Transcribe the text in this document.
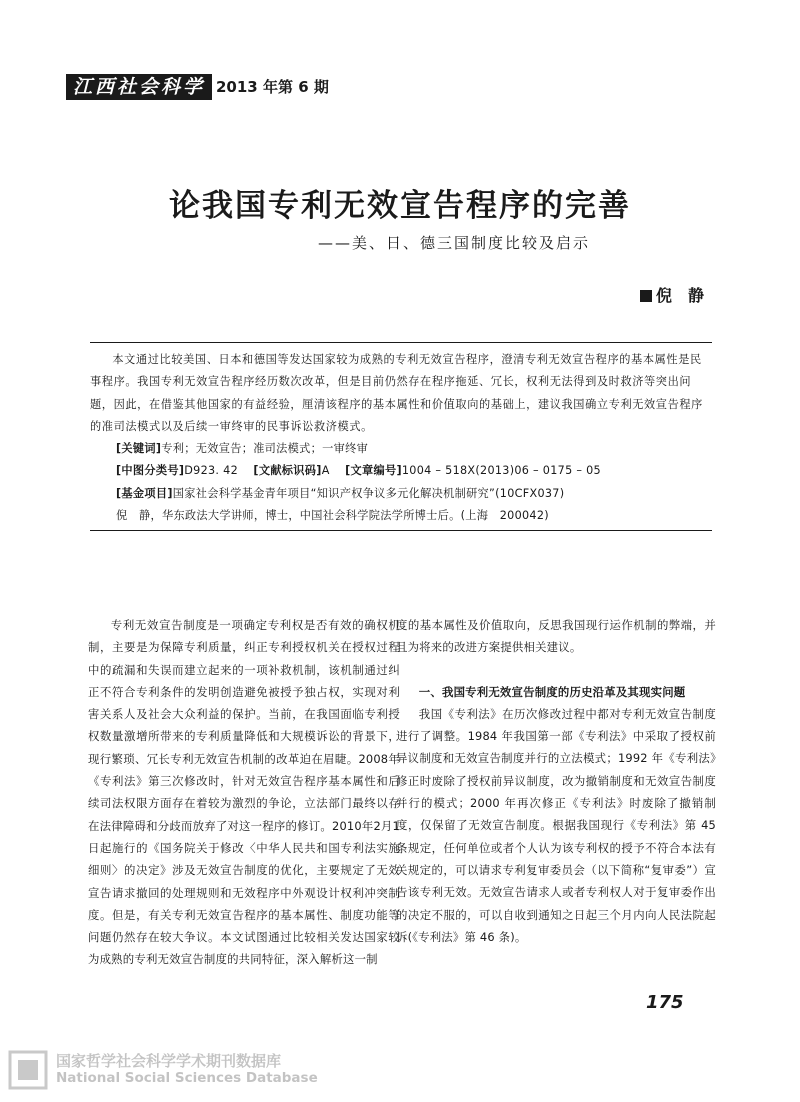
江西社会科学 2013 年第 6 期
论我国专利无效宣告程序的完善
——美、日、德三国制度比较及启示
倪　静
本文通过比较美国、日本和德国等发达国家较为成熟的专利无效宣告程序，澄清专利无效宣告程序的基本属性是民事程序。我国专利无效宣告程序经历数次改革，但是目前仍然存在程序拖延、冗长，权利无法得到及时救济等突出问题，因此，在借鉴其他国家的有益经验，厘清该程序的基本属性和价值取向的基础上，建议我国确立专利无效宣告程序的准司法模式以及后续一审终审的民事诉讼救济模式。
[关键词]专利；无效宣告；准司法模式；一审终审
[中图分类号]D923. 42 [文献标识码]A [文章编号]1004 – 518X(2013)06 – 0175 – 05
[基金项目]国家社会科学基金青年项目“知识产权争议多元化解决机制研究”(10CFX037)
倪　静，华东政法大学讲师，博士，中国社会科学院法学所博士后。(上海　200042)

专利无效宣告制度是一项确定专利权是否有效的确权机制，主要是为保障专利质量，纠正专利授权机关在授权过程中的疏漏和失误而建立起来的一项补救机制，该机制通过纠正不符合专利条件的发明创造避免被授予独占权，实现对利害关系人及社会大众利益的保护。当前，在我国面临专利授权数量激增所带来的专利质量降低和大规模诉讼的背景下，现行繁琐、冗长专利无效宣告机制的改革迫在眉睫。2008年《专利法》第三次修改时，针对无效宣告程序基本属性和后续司法权限方面存在着较为激烈的争论，立法部门最终以存在法律障碍和分歧而放弃了对这一程序的修订。2010年2月1日起施行的《国务院关于修改〈中华人民共和国专利法实施细则〉的决定》涉及无效宣告制度的优化，主要规定了无效宣告请求撤回的处理规则和无效程序中外观设计权利冲突制度。但是，有关专利无效宣告程序的基本属性、制度功能等问题仍然存在较大争议。本文试图通过比较相关发达国家较为成熟的专利无效宣告制度的共同特征，深入解析这一制

度的基本属性及价值取向，反思我国现行运作机制的弊端，并且为将来的改进方案提供相关建议。

一、我国专利无效宣告制度的历史沿革及其现实问题

我国《专利法》在历次修改过程中都对专利无效宣告制度进行了调整。1984 年我国第一部《专利法》中采取了授权前异议制度和无效宣告制度并行的立法模式；1992 年《专利法》修正时废除了授权前异议制度，改为撤销制度和无效宣告制度并行的模式；2000 年再次修正《专利法》时废除了撤销制度，仅保留了无效宣告制度。根据我国现行《专利法》第 45 条规定，任何单位或者个人认为该专利权的授予不符合本法有关规定的，可以请求专利复审委员会（以下简称“复审委”）宣告该专利无效。无效宣告请求人或者专利权人对于复审委作出的决定不服的，可以自收到通知之日起三个月内向人民法院起诉(《专利法》第 46 条)。

175
国家哲学社会科学学术期刊数据库
National Social Sciences Database
